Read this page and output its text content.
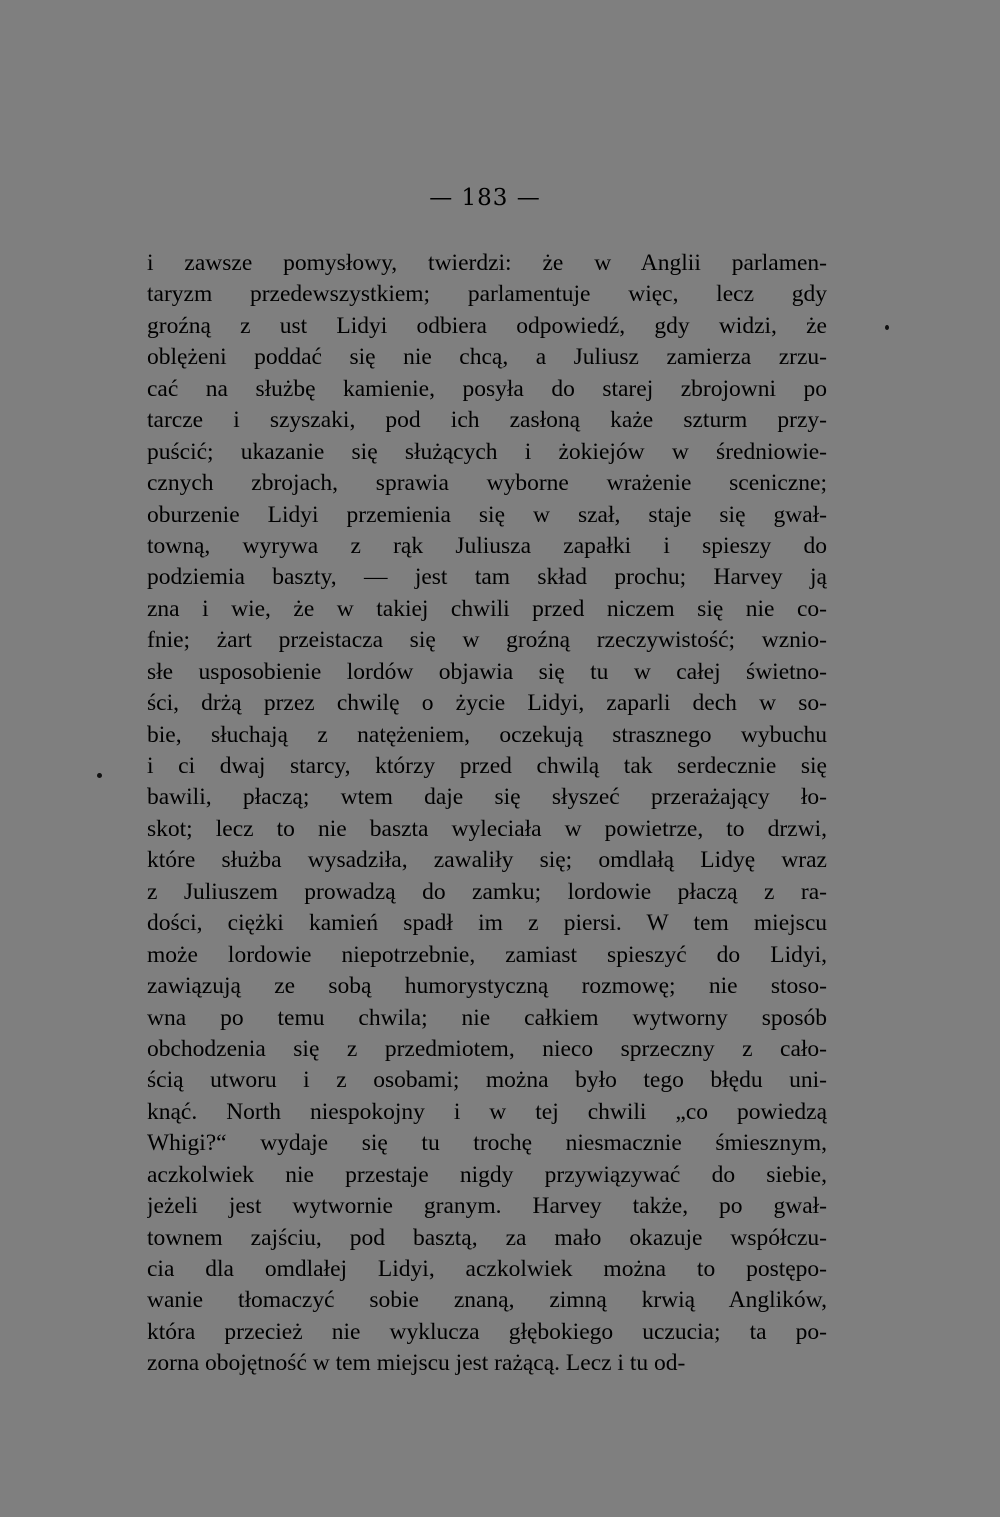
— 183 —
i zawsze pomysłowy, twierdzi: że w Anglii parlamen-
taryzm przedewszystkiem; parlamentuje więc, lecz gdy
groźną z ust Lidyi odbiera odpowiedź, gdy widzi, że
oblężeni poddać się nie chcą, a Juliusz zamierza zrzu-
cać na służbę kamienie, posyła do starej zbrojowni po
tarcze i szyszaki, pod ich zasłoną każe szturm przy-
puścić; ukazanie się służących i żokiejów w średniowie-
cznych zbrojach, sprawia wyborne wrażenie sceniczne;
oburzenie Lidyi przemienia się w szał, staje się gwał-
towną, wyrywa z rąk Juliusza zapałki i spieszy do
podziemia baszty, — jest tam skład prochu; Harvey ją
zna i wie, że w takiej chwili przed niczem się nie co-
fnie; żart przeistacza się w groźną rzeczywistość; wznio-
słe usposobienie lordów objawia się tu w całej świetno-
ści, drżą przez chwilę o życie Lidyi, zaparli dech w so-
bie, słuchają z natężeniem, oczekują strasznego wybuchu
i ci dwaj starcy, którzy przed chwilą tak serdecznie się
bawili, płaczą; wtem daje się słyszeć przerażający ło-
skot; lecz to nie baszta wyleciała w powietrze, to drzwi,
które służba wysadziła, zawaliły się; omdlałą Lidyę wraz
z Juliuszem prowadzą do zamku; lordowie płaczą z ra-
dości, ciężki kamień spadł im z piersi. W tem miejscu
może lordowie niepotrzebnie, zamiast spieszyć do Lidyi,
zawiązują ze sobą humorystyczną rozmowę; nie stoso-
wna po temu chwila; nie całkiem wytworny sposób
obchodzenia się z przedmiotem, nieco sprzeczny z cało-
ścią utworu i z osobami; można było tego błędu uni-
knąć. North niespokojny i w tej chwili „co powiedzą
Whigi?“ wydaje się tu trochę niesmacznie śmiesznym,
aczkolwiek nie przestaje nigdy przywiązywać do siebie,
jeżeli jest wytwornie granym. Harvey także, po gwał-
townem zajściu, pod basztą, za mało okazuje współczu-
cia dla omdlałej Lidyi, aczkolwiek można to postępo-
wanie tłomaczyć sobie znaną, zimną krwią Anglików,
która przecież nie wyklucza głębokiego uczucia; ta po-
zorna obojętność w tem miejscu jest rażącą. Lecz i tu od-
